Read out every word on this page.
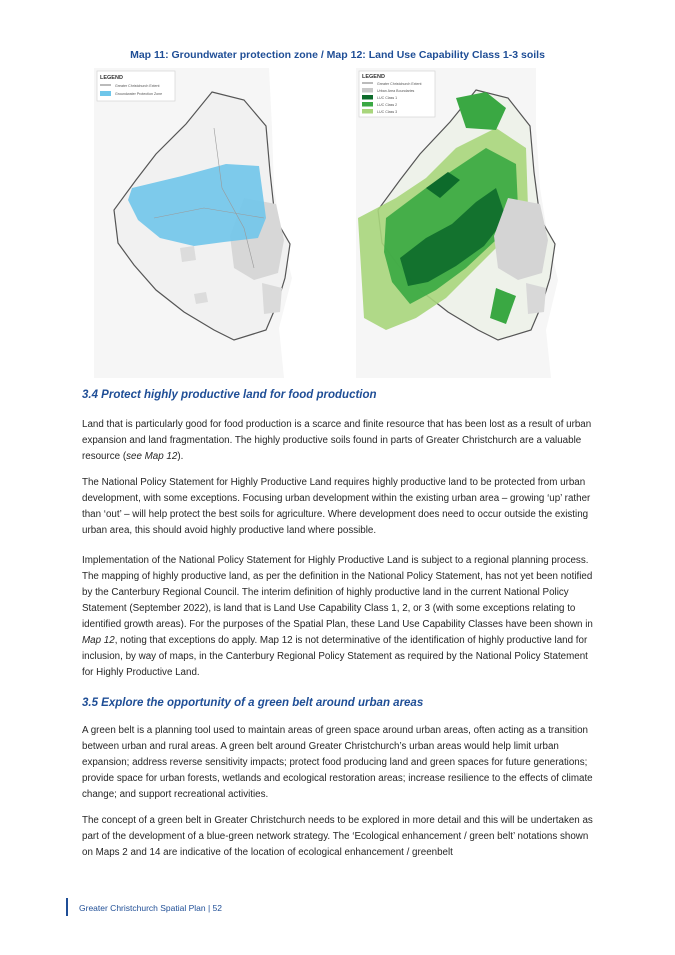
Map 11: Groundwater protection zone / Map 12: Land Use Capability Class 1-3 soils
LEGEND
Greater Christchurch Extent
Groundwater Protection Zone
LEGEND
Greater Christchurch Extent
Urban Area Boundaries
LUC Class 1
LUC Class 2
LUC Class 3
3.4 Protect highly productive land for food production

Land that is particularly good for food production is a scarce and finite resource that has been lost as a result of urban expansion and land fragmentation. The highly productive soils found in parts of Greater Christchurch are a valuable resource (see Map 12).

The National Policy Statement for Highly Productive Land requires highly productive land to be protected from urban development, with some exceptions. Focusing urban development within the existing urban area – growing ‘up’ rather than ‘out’ – will help protect the best soils for agriculture. Where development does need to occur outside the existing urban area, this should avoid highly productive land where possible.

Implementation of the National Policy Statement for Highly Productive Land is subject to a regional planning process. The mapping of highly productive land, as per the definition in the National Policy Statement, has not yet been notified by the Canterbury Regional Council. The interim definition of highly productive land in the current National Policy Statement (September 2022), is land that is Land Use Capability Class 1, 2, or 3 (with some exceptions relating to identified growth areas). For the purposes of the Spatial Plan, these Land Use Capability Classes have been shown in Map 12, noting that exceptions do apply. Map 12 is not determinative of the identification of highly productive land for inclusion, by way of maps, in the Canterbury Regional Policy Statement as required by the National Policy Statement for Highly Productive Land.

3.5 Explore the opportunity of a green belt around urban areas

A green belt is a planning tool used to maintain areas of green space around urban areas, often acting as a transition between urban and rural areas. A green belt around Greater Christchurch’s urban areas would help limit urban expansion; address reverse sensitivity impacts; protect food producing land and green spaces for future generations; provide space for urban forests, wetlands and ecological restoration areas; increase resilience to the effects of climate change; and support recreational activities.

The concept of a green belt in Greater Christchurch needs to be explored in more detail and this will be undertaken as part of the development of a blue-green network strategy. The ‘Ecological enhancement / green belt’ notations shown on Maps 2 and 14 are indicative of the location of ecological enhancement / greenbelt

Greater Christchurch Spatial Plan | 52
